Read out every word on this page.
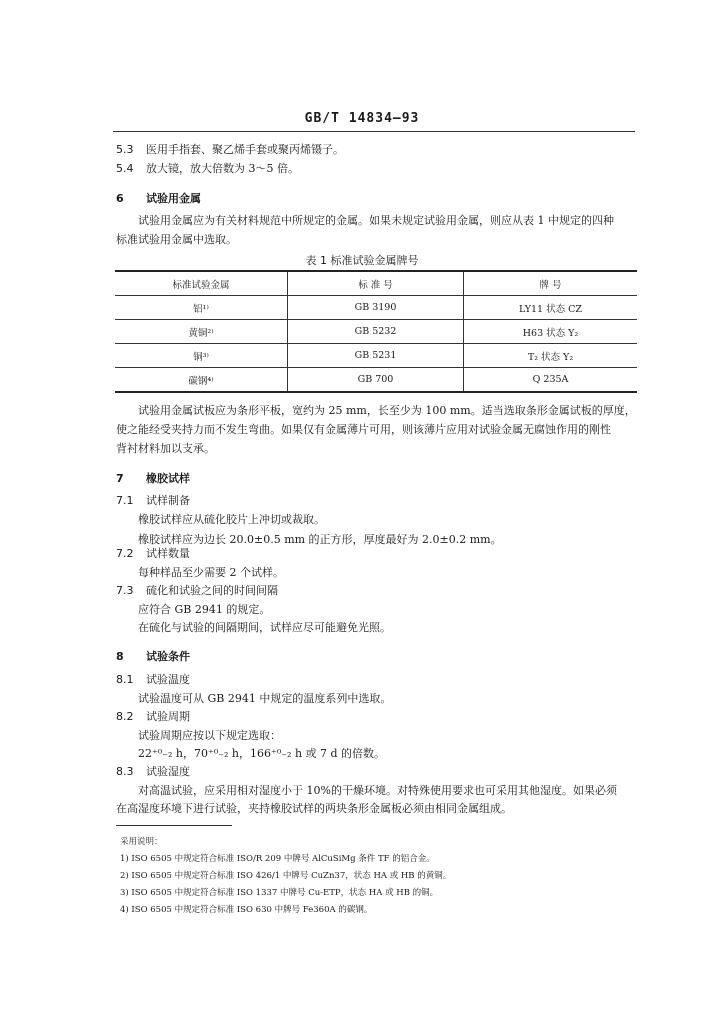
GB/T 14834—93
5.3 医用手指套、聚乙烯手套或聚丙烯镊子。
5.4 放大镜，放大倍数为 3～5 倍。
6 试验用金属
试验用金属应为有关材料规范中所规定的金属。如果未规定试验用金属，则应从表 1 中规定的四种
标准试验用金属中选取。
表 1 标准试验金属牌号
标准试验金属	标 准 号	牌 号
铝¹⁾	GB 3190	LY11 状态 CZ
黄铜²⁾	GB 5232	H63 状态 Y₂
铜³⁾	GB 5231	T₂ 状态 Y₂
碳钢⁴⁾	GB 700	Q 235A
试验用金属试板应为条形平板，宽约为 25 mm，长至少为 100 mm。适当选取条形金属试板的厚度，
使之能经受夹持力而不发生弯曲。如果仅有金属薄片可用，则该薄片应用对试验金属无腐蚀作用的刚性
背衬材料加以支承。
7 橡胶试样
7.1 试样制备
橡胶试样应从硫化胶片上冲切或裁取。
橡胶试样应为边长 20.0±0.5 mm 的正方形，厚度最好为 2.0±0.2 mm。
7.2 试样数量
每种样品至少需要 2 个试样。
7.3 硫化和试验之间的时间间隔
应符合 GB 2941 的规定。
在硫化与试验的间隔期间，试样应尽可能避免光照。
8 试验条件
8.1 试验温度
试验温度可从 GB 2941 中规定的温度系列中选取。
8.2 试验周期
试验周期应按以下规定选取：
22⁺⁰₋₂ h，70⁺⁰₋₂ h，166⁺⁰₋₂ h 或 7 d 的倍数。
8.3 试验湿度
对高温试验，应采用相对湿度小于 10%的干燥环境。对特殊使用要求也可采用其他湿度。如果必须
在高湿度环境下进行试验，夹持橡胶试样的两块条形金属板必须由相同金属组成。
采用说明：
1) ISO 6505 中规定符合标准 ISO/R 209 中牌号 AlCuSiMg 条件 TF 的铝合金。
2) ISO 6505 中规定符合标准 ISO 426/1 中牌号 CuZn37，状态 HA 或 HB 的黄铜。
3) ISO 6505 中规定符合标准 ISO 1337 中牌号 Cu-ETP，状态 HA 或 HB 的铜。
4) ISO 6505 中规定符合标准 ISO 630 中牌号 Fe360A 的碳钢。
